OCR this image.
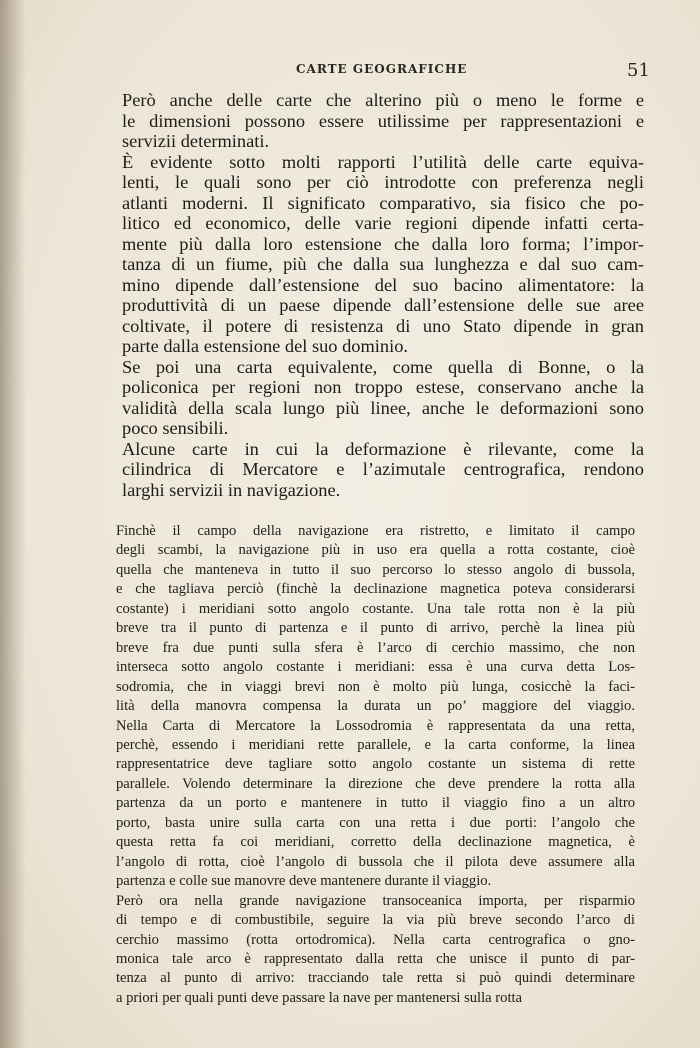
CARTE GEOGRAFICHE	51

Però anche delle carte che alterino più o meno le forme e
le dimensioni possono essere utilissime per rappresentazioni e
servizii determinati.

È evidente sotto molti rapporti l’utilità delle carte equiva-
lenti, le quali sono per ciò introdotte con preferenza negli
atlanti moderni. Il significato comparativo, sia fisico che po-
litico ed economico, delle varie regioni dipende infatti certa-
mente più dalla loro estensione che dalla loro forma; l’impor-
tanza di un fiume, più che dalla sua lunghezza e dal suo cam-
mino dipende dall’estensione del suo bacino alimentatore: la
produttività di un paese dipende dall’estensione delle sue aree
coltivate, il potere di resistenza di uno Stato dipende in gran
parte dalla estensione del suo dominio.

Se poi una carta equivalente, come quella di Bonne, o la
policonica per regioni non troppo estese, conservano anche la
validità della scala lungo più linee, anche le deformazioni sono
poco sensibili.

Alcune carte in cui la deformazione è rilevante, come la
cilindrica di Mercatore e l’azimutale centrografica, rendono
larghi servizii in navigazione.

Finchè il campo della navigazione era ristretto, e limitato il campo
degli scambi, la navigazione più in uso era quella a rotta costante, cioè
quella che manteneva in tutto il suo percorso lo stesso angolo di bussola,
e che tagliava perciò (finchè la declinazione magnetica poteva considerarsi
costante) i meridiani sotto angolo costante. Una tale rotta non è la più
breve tra il punto di partenza e il punto di arrivo, perchè la linea più
breve fra due punti sulla sfera è l’arco di cerchio massimo, che non
interseca sotto angolo costante i meridiani: essa è una curva detta Los-
sodromia, che in viaggi brevi non è molto più lunga, cosicchè la faci-
lità della manovra compensa la durata un po’ maggiore del viaggio.
Nella Carta di Mercatore la Lossodromia è rappresentata da una retta,
perchè, essendo i meridiani rette parallele, e la carta conforme, la linea
rappresentatrice deve tagliare sotto angolo costante un sistema di rette
parallele. Volendo determinare la direzione che deve prendere la rotta alla
partenza da un porto e mantenere in tutto il viaggio fino a un altro
porto, basta unire sulla carta con una retta i due porti: l’angolo che
questa retta fa coi meridiani, corretto della declinazione magnetica, è
l’angolo di rotta, cioè l’angolo di bussola che il pilota deve assumere alla
partenza e colle sue manovre deve mantenere durante il viaggio.

Però ora nella grande navigazione transoceanica importa, per risparmio
di tempo e di combustibile, seguire la via più breve secondo l’arco di
cerchio massimo (rotta ortodromica). Nella carta centrografica o gno-
monica tale arco è rappresentato dalla retta che unisce il punto di par-
tenza al punto di arrivo: tracciando tale retta si può quindi determinare
a priori per quali punti deve passare la nave per mantenersi sulla rotta
